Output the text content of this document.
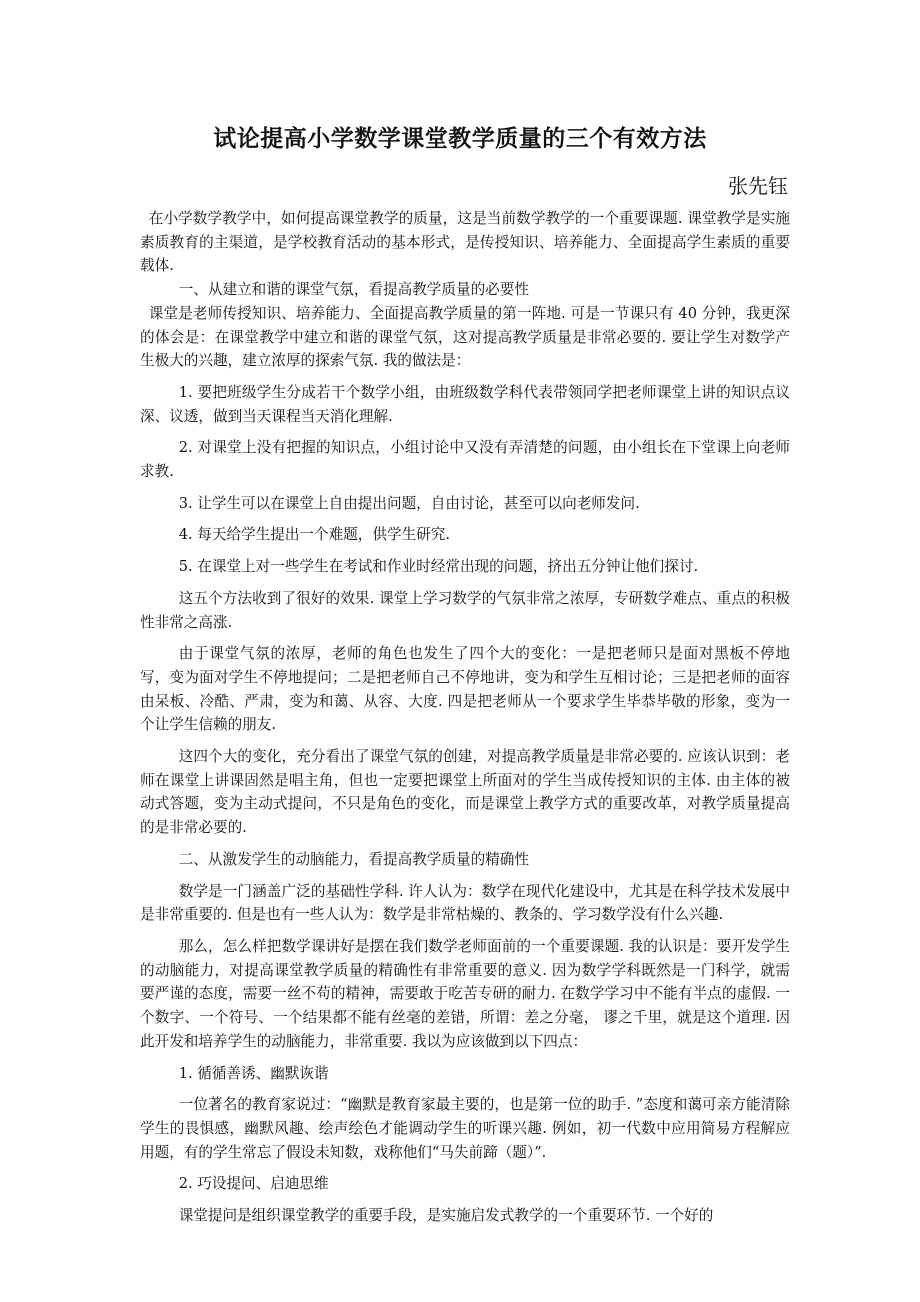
试论提高小学数学课堂教学质量的三个有效方法

张先钰

在小学数学教学中，如何提高课堂教学的质量，这是当前数学教学的一个重要课题. 课堂教学是实施素质教育的主渠道，是学校教育活动的基本形式，是传授知识、培养能力、全面提高学生素质的重要载体.

一、从建立和谐的课堂气氛，看提高教学质量的必要性

课堂是老师传授知识、培养能力、全面提高教学质量的第一阵地. 可是一节课只有 40 分钟，我更深的体会是：在课堂教学中建立和谐的课堂气氛，这对提高教学质量是非常必要的. 要让学生对数学产生极大的兴趣，建立浓厚的探索气氛. 我的做法是：

1. 要把班级学生分成若干个数学小组，由班级数学科代表带领同学把老师课堂上讲的知识点议深、议透，做到当天课程当天消化理解.

2. 对课堂上没有把握的知识点，小组讨论中又没有弄清楚的问题，由小组长在下堂课上向老师求教.

3. 让学生可以在课堂上自由提出问题，自由讨论，甚至可以向老师发问.

4. 每天给学生提出一个难题，供学生研究.

5. 在课堂上对一些学生在考试和作业时经常出现的问题，挤出五分钟让他们探讨.

这五个方法收到了很好的效果. 课堂上学习数学的气氛非常之浓厚，专研数学难点、重点的积极性非常之高涨.

由于课堂气氛的浓厚，老师的角色也发生了四个大的变化：一是把老师只是面对黑板不停地写，变为面对学生不停地提问；二是把老师自己不停地讲，变为和学生互相讨论；三是把老师的面容由呆板、冷酷、严肃，变为和蔼、从容、大度. 四是把老师从一个要求学生毕恭毕敬的形象，变为一个让学生信赖的朋友.

这四个大的变化，充分看出了课堂气氛的创建，对提高教学质量是非常必要的. 应该认识到：老师在课堂上讲课固然是唱主角，但也一定要把课堂上所面对的学生当成传授知识的主体. 由主体的被动式答题，变为主动式提问，不只是角色的变化，而是课堂上教学方式的重要改革，对教学质量提高的是非常必要的.

二、从激发学生的动脑能力，看提高教学质量的精确性

数学是一门涵盖广泛的基础性学科. 许人认为：数学在现代化建设中，尤其是在科学技术发展中是非常重要的. 但是也有一些人认为：数学是非常枯燥的、教条的、学习数学没有什么兴趣.

那么，怎么样把数学课讲好是摆在我们数学老师面前的一个重要课题. 我的认识是：要开发学生的动脑能力，对提高课堂教学质量的精确性有非常重要的意义. 因为数学学科既然是一门科学，就需要严谨的态度，需要一丝不苟的精神，需要敢于吃苦专研的耐力. 在数学学习中不能有半点的虚假. 一个数字、一个符号、一个结果都不能有丝毫的差错，所谓：差之分毫， 谬之千里，就是这个道理. 因此开发和培养学生的动脑能力，非常重要. 我以为应该做到以下四点：

1. 循循善诱、幽默诙谐

一位著名的教育家说过：“幽默是教育家最主要的，也是第一位的助手. ”态度和蔼可亲方能清除学生的畏惧感，幽默风趣、绘声绘色才能调动学生的听课兴趣. 例如，初一代数中应用简易方程解应用题，有的学生常忘了假设未知数，戏称他们“马失前蹄（题）”.

2. 巧设提问、启迪思维

课堂提问是组织课堂教学的重要手段，是实施启发式教学的一个重要环节. 一个好的
